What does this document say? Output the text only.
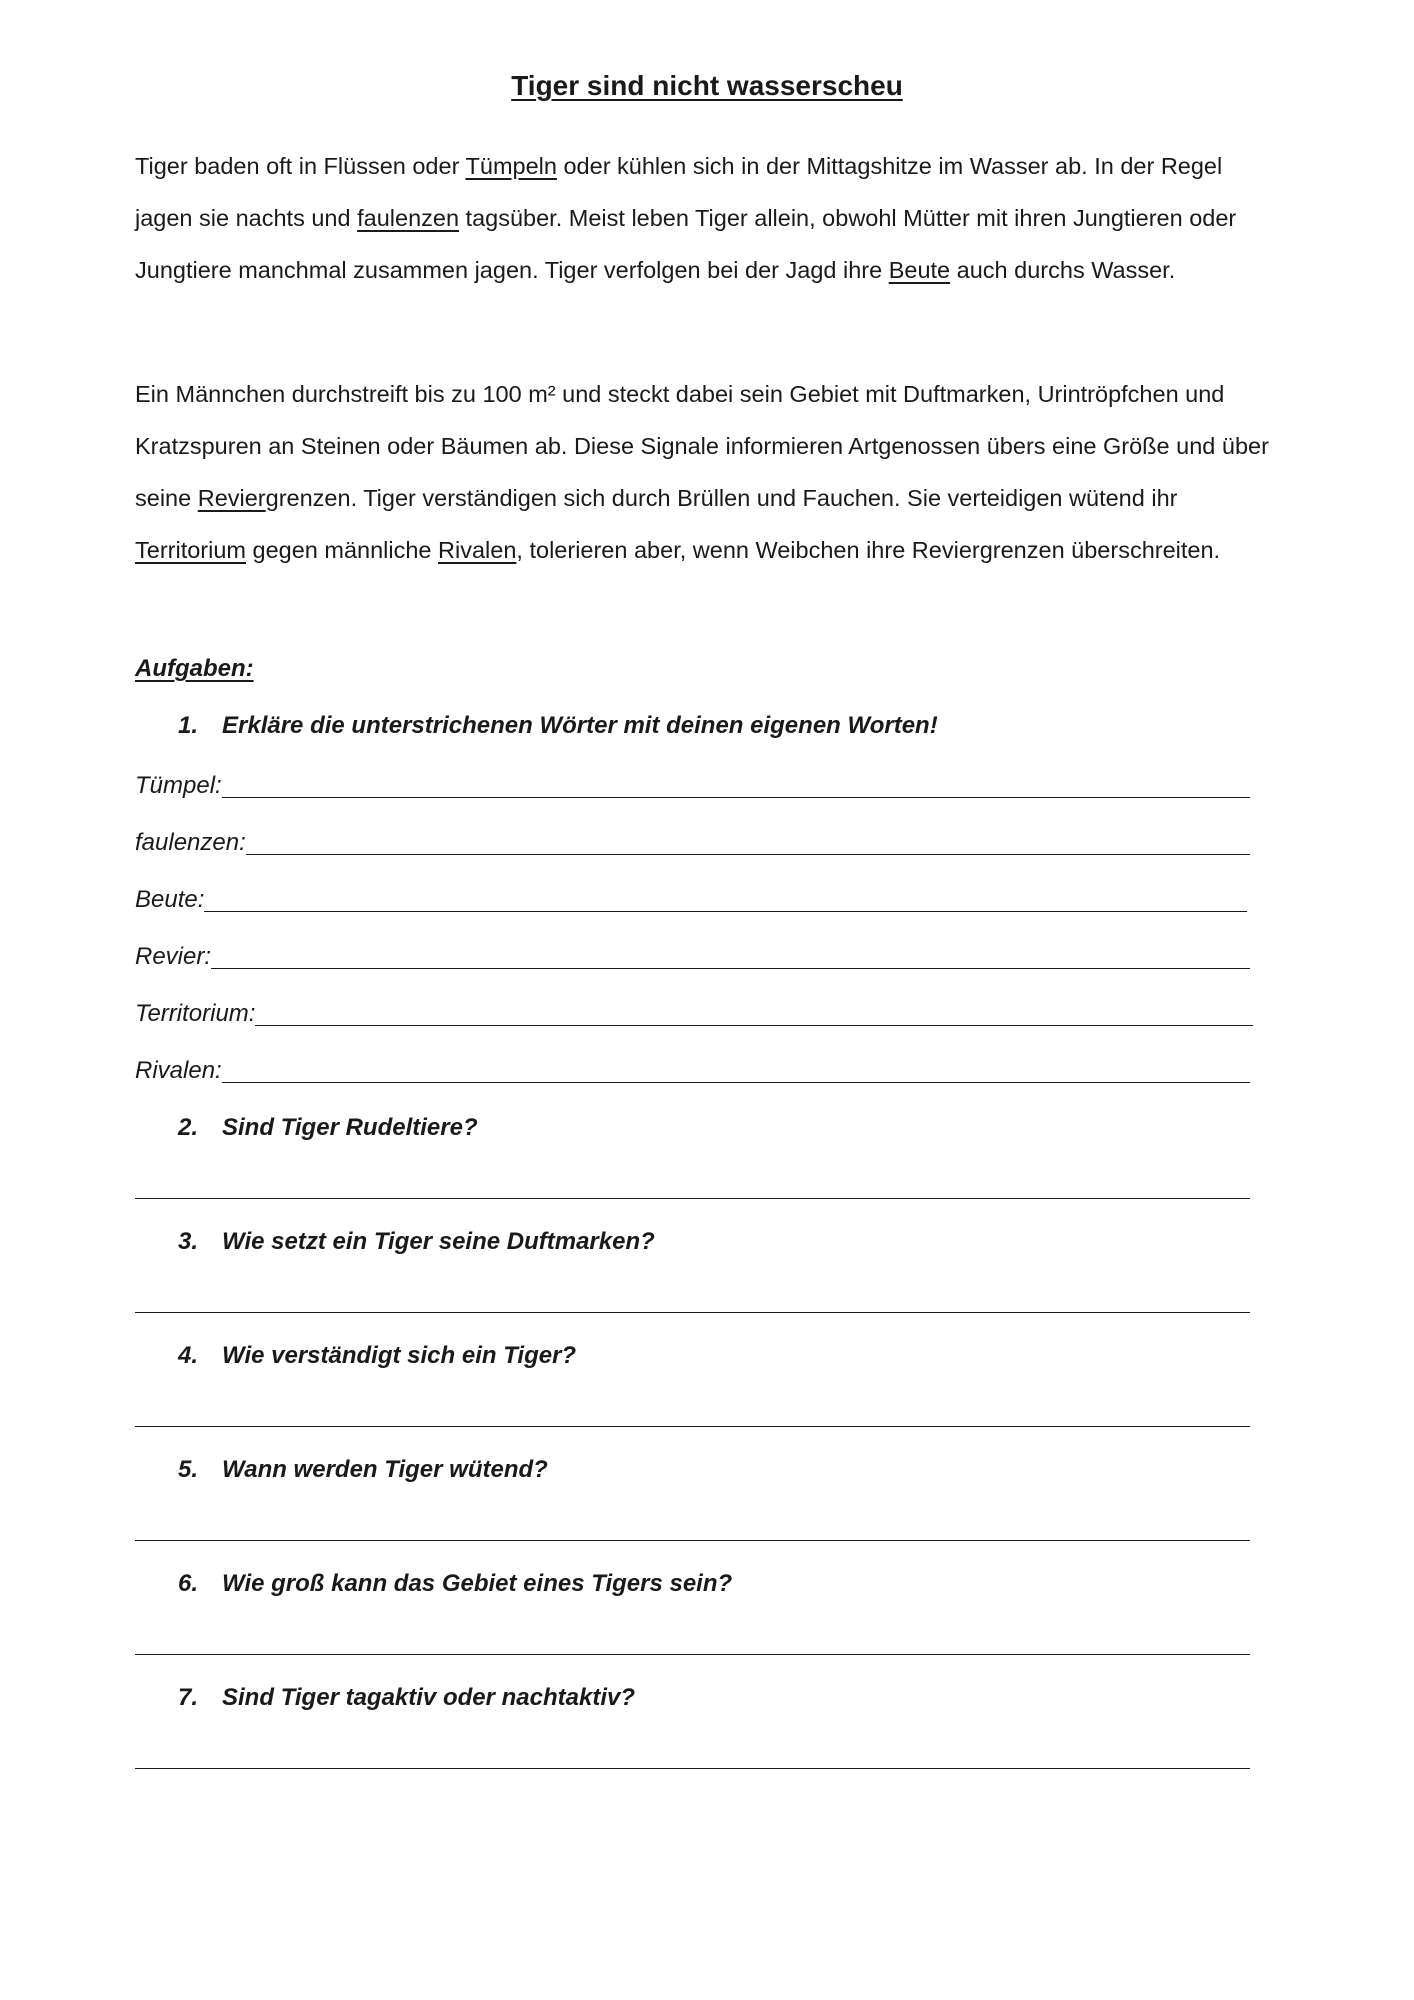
Tiger sind nicht wasserscheu

Tiger baden oft in Flüssen oder Tümpeln oder kühlen sich in der Mittagshitze im Wasser ab. In der Regel jagen sie nachts und faulenzen tagsüber. Meist leben Tiger allein, obwohl Mütter mit ihren Jungtieren oder Jungtiere manchmal zusammen jagen. Tiger verfolgen bei der Jagd ihre Beute auch durchs Wasser.

Ein Männchen durchstreift bis zu 100 m² und steckt dabei sein Gebiet mit Duftmarken, Urintröpfchen und Kratzspuren an Steinen oder Bäumen ab. Diese Signale informieren Artgenossen übers eine Größe und über seine Reviergrenzen. Tiger verständigen sich durch Brüllen und Fauchen. Sie verteidigen wütend ihr Territorium gegen männliche Rivalen, tolerieren aber, wenn Weibchen ihre Reviergrenzen überschreiten.

Aufgaben:
1. Erkläre die unterstrichenen Wörter mit deinen eigenen Worten!
Tümpel:
faulenzen:
Beute:
Revier:
Territorium:
Rivalen:
2. Sind Tiger Rudeltiere?
3. Wie setzt ein Tiger seine Duftmarken?
4. Wie verständigt sich ein Tiger?
5. Wann werden Tiger wütend?
6. Wie groß kann das Gebiet eines Tigers sein?
7. Sind Tiger tagaktiv oder nachtaktiv?
